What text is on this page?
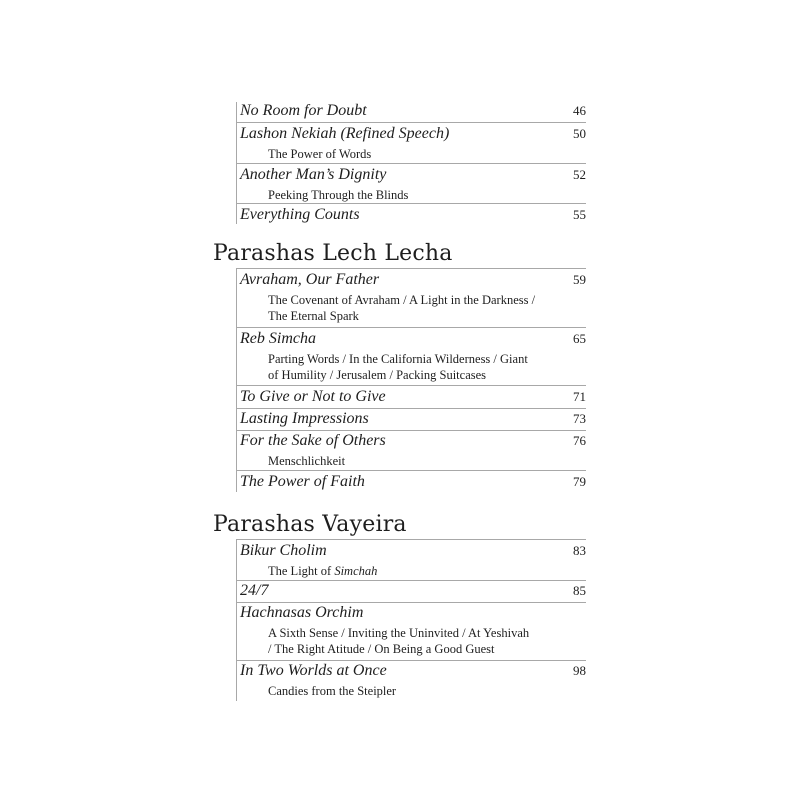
No Room for Doubt	46
Lashon Nekiah (Refined Speech)	50
The Power of Words
Another Man’s Dignity	52
Peeking Through the Blinds
Everything Counts	55
Parashas Lech Lecha
Avraham, Our Father	59
The Covenant of Avraham / A Light in the Darkness /
The Eternal Spark
Reb Simcha	65
Parting Words / In the California Wilderness / Giant
of Humility / Jerusalem / Packing Suitcases
To Give or Not to Give	71
Lasting Impressions	73
For the Sake of Others	76
Menschlichkeit
The Power of Faith	79
Parashas Vayeira
Bikur Cholim	83
The Light of Simchah
24/7	85
Hachnasas Orchim
A Sixth Sense / Inviting the Uninvited / At Yeshivah
/ The Right Atitude / On Being a Good Guest
In Two Worlds at Once	98
Candies from the Steipler
